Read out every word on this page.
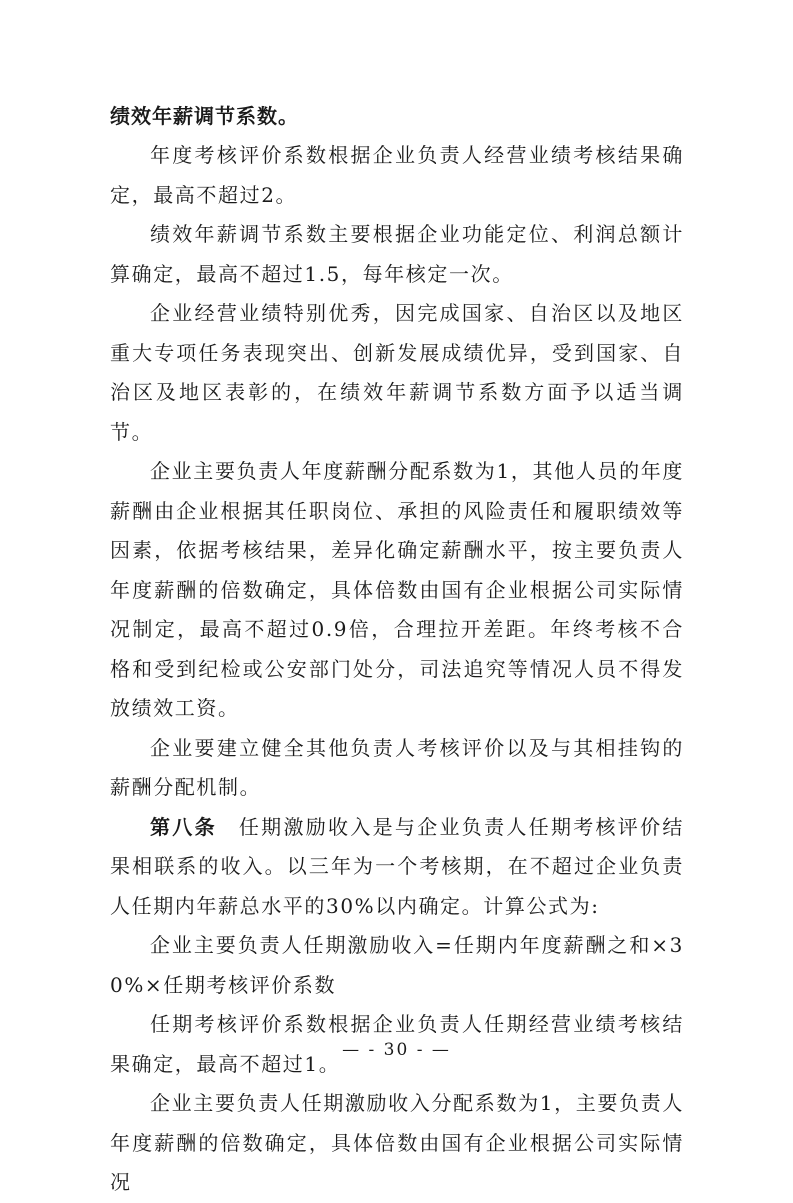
绩效年薪调节系数。

年度考核评价系数根据企业负责人经营业绩考核结果确定，最高不超过2。

绩效年薪调节系数主要根据企业功能定位、利润总额计算确定，最高不超过1.5，每年核定一次。

企业经营业绩特别优秀，因完成国家、自治区以及地区重大专项任务表现突出、创新发展成绩优异，受到国家、自治区及地区表彰的，在绩效年薪调节系数方面予以适当调节。

企业主要负责人年度薪酬分配系数为1，其他人员的年度薪酬由企业根据其任职岗位、承担的风险责任和履职绩效等因素，依据考核结果，差异化确定薪酬水平，按主要负责人年度薪酬的倍数确定，具体倍数由国有企业根据公司实际情况制定，最高不超过0.9倍，合理拉开差距。年终考核不合格和受到纪检或公安部门处分，司法追究等情况人员不得发放绩效工资。

企业要建立健全其他负责人考核评价以及与其相挂钩的薪酬分配机制。

第八条 任期激励收入是与企业负责人任期考核评价结果相联系的收入。以三年为一个考核期，在不超过企业负责人任期内年薪总水平的30%以内确定。计算公式为:

企业主要负责人任期激励收入=任期内年度薪酬之和×30%×任期考核评价系数

任期考核评价系数根据企业负责人任期经营业绩考核结果确定，最高不超过1。

企业主要负责人任期激励收入分配系数为1，主要负责人年度薪酬的倍数确定，具体倍数由国有企业根据公司实际情况

— - 30 - —
